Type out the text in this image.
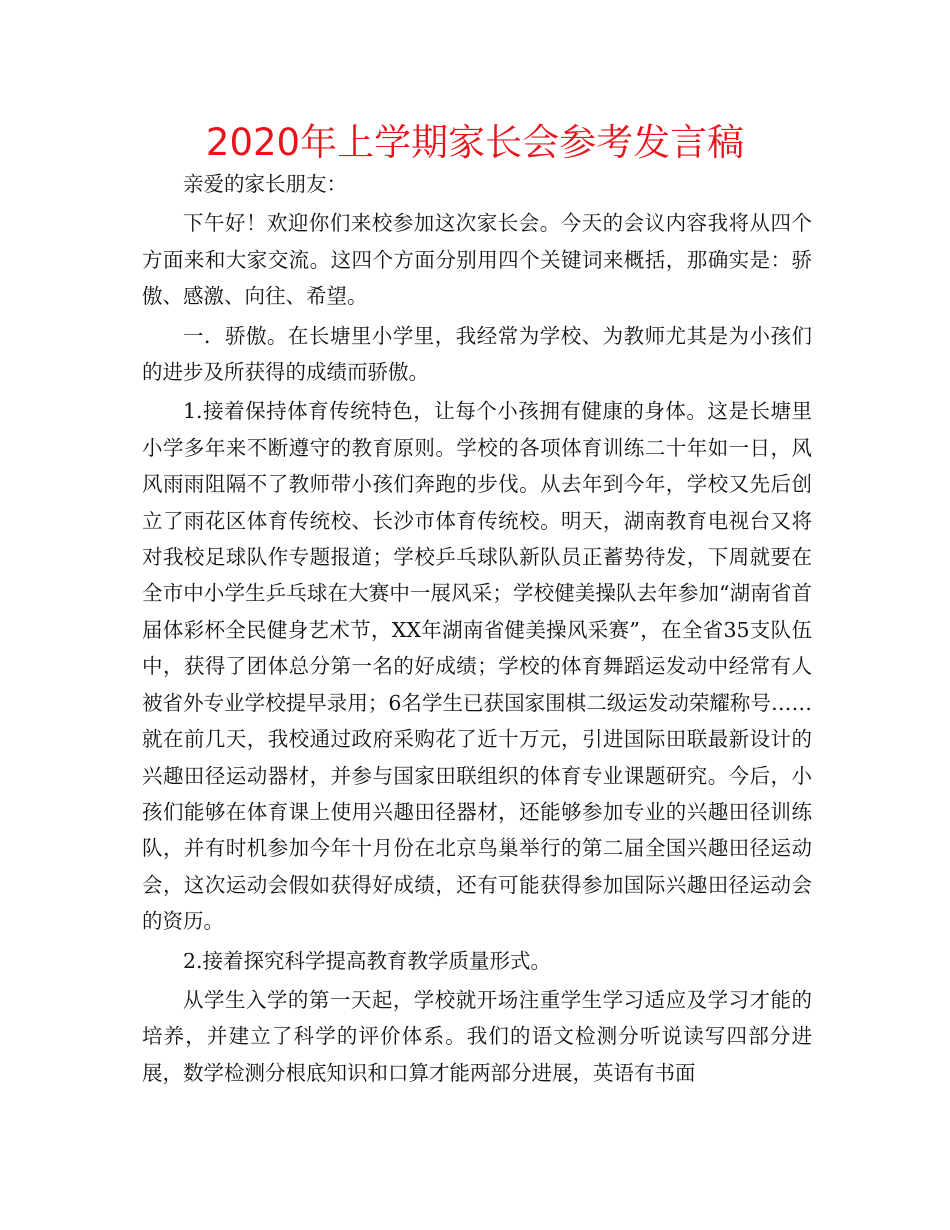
2020年上学期家长会参考发言稿

亲爱的家长朋友：

下午好！欢迎你们来校参加这次家长会。今天的会议内容我将从四个方面来和大家交流。这四个方面分别用四个关键词来概括，那确实是：骄傲、感激、向往、希望。

一．骄傲。在长塘里小学里，我经常为学校、为教师尤其是为小孩们的进步及所获得的成绩而骄傲。

1.接着保持体育传统特色，让每个小孩拥有健康的身体。这是长塘里小学多年来不断遵守的教育原则。学校的各项体育训练二十年如一日，风风雨雨阻隔不了教师带小孩们奔跑的步伐。从去年到今年，学校又先后创立了雨花区体育传统校、长沙市体育传统校。明天，湖南教育电视台又将对我校足球队作专题报道；学校乒乓球队新队员正蓄势待发，下周就要在全市中小学生乒乓球在大赛中一展风采；学校健美操队去年参加“湖南省首届体彩杯全民健身艺术节，XX年湖南省健美操风采赛”，在全省35支队伍中，获得了团体总分第一名的好成绩；学校的体育舞蹈运发动中经常有人被省外专业学校提早录用；6名学生已获国家围棋二级运发动荣耀称号……就在前几天，我校通过政府采购花了近十万元，引进国际田联最新设计的兴趣田径运动器材，并参与国家田联组织的体育专业课题研究。今后，小孩们能够在体育课上使用兴趣田径器材，还能够参加专业的兴趣田径训练队，并有时机参加今年十月份在北京鸟巢举行的第二届全国兴趣田径运动会，这次运动会假如获得好成绩，还有可能获得参加国际兴趣田径运动会的资历。

2.接着探究科学提高教育教学质量形式。

从学生入学的第一天起，学校就开场注重学生学习适应及学习才能的培养，并建立了科学的评价体系。我们的语文检测分听说读写四部分进展，数学检测分根底知识和口算才能两部分进展，英语有书面
